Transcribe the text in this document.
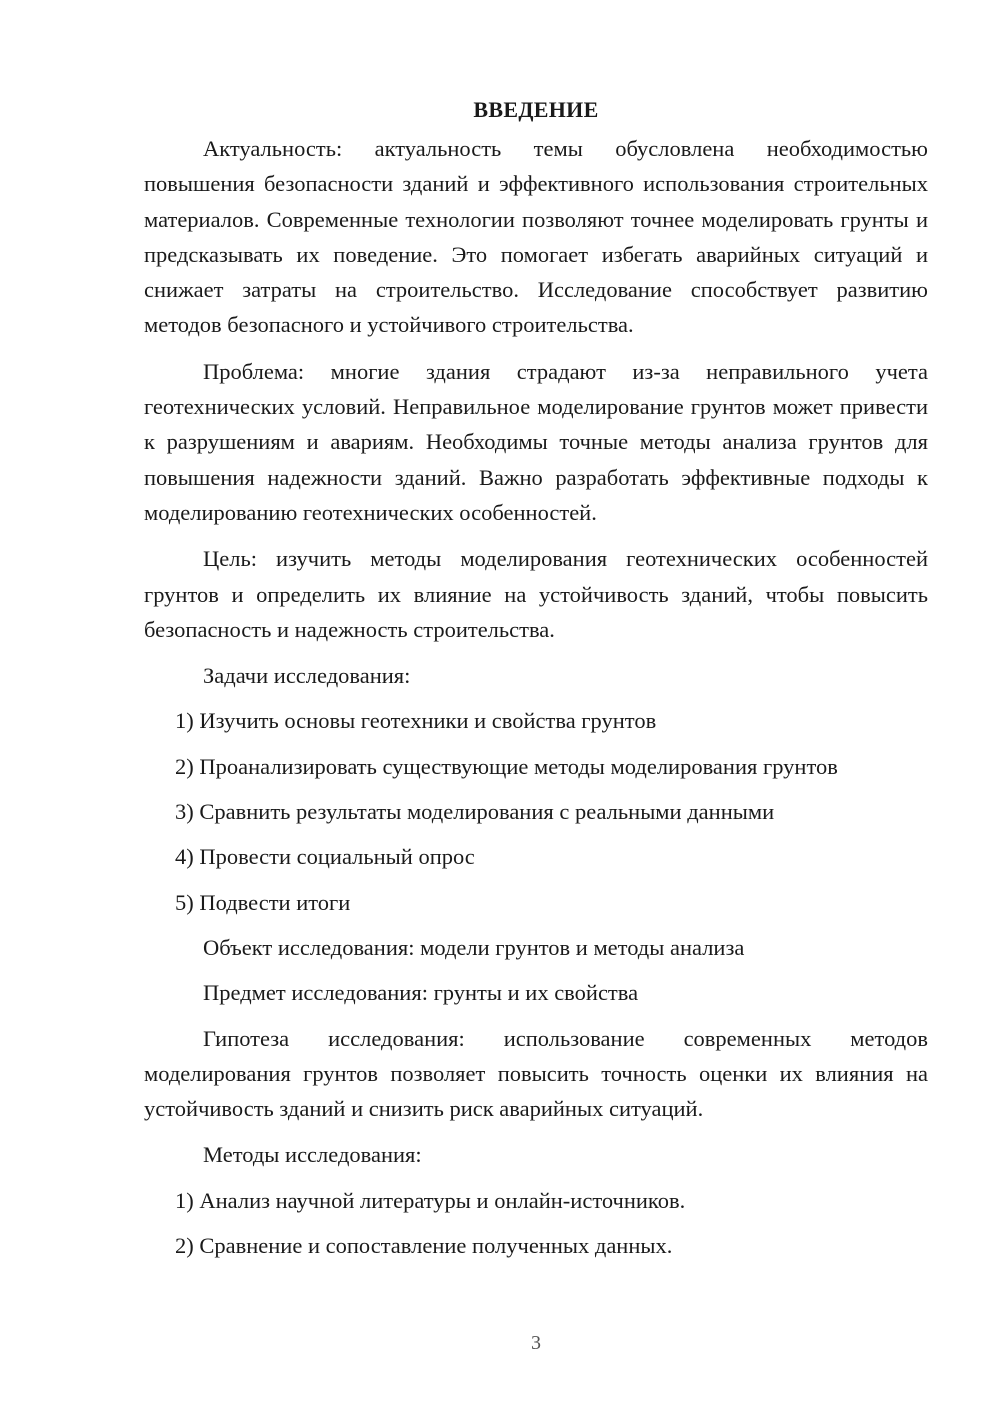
ВВЕДЕНИЕ

Актуальность: актуальность темы обусловлена необходимостью повышения безопасности зданий и эффективного использования строительных материалов. Современные технологии позволяют точнее моделировать грунты и предсказывать их поведение. Это помогает избегать аварийных ситуаций и снижает затраты на строительство. Исследование способствует развитию методов безопасного и устойчивого строительства.

Проблема: многие здания страдают из-за неправильного учета геотехнических условий. Неправильное моделирование грунтов может привести к разрушениям и авариям. Необходимы точные методы анализа грунтов для повышения надежности зданий. Важно разработать эффективные подходы к моделированию геотехнических особенностей.

Цель: изучить методы моделирования геотехнических особенностей грунтов и определить их влияние на устойчивость зданий, чтобы повысить безопасность и надежность строительства.

Задачи исследования:
1) Изучить основы геотехники и свойства грунтов
2) Проанализировать существующие методы моделирования грунтов
3) Сравнить результаты моделирования с реальными данными
4) Провести социальный опрос
5) Подвести итоги
Объект исследования: модели грунтов и методы анализа
Предмет исследования: грунты и их свойства

Гипотеза исследования: использование современных методов моделирования грунтов позволяет повысить точность оценки их влияния на устойчивость зданий и снизить риск аварийных ситуаций.

Методы исследования:
1) Анализ научной литературы и онлайн-источников.
2) Сравнение и сопоставление полученных данных.
3
